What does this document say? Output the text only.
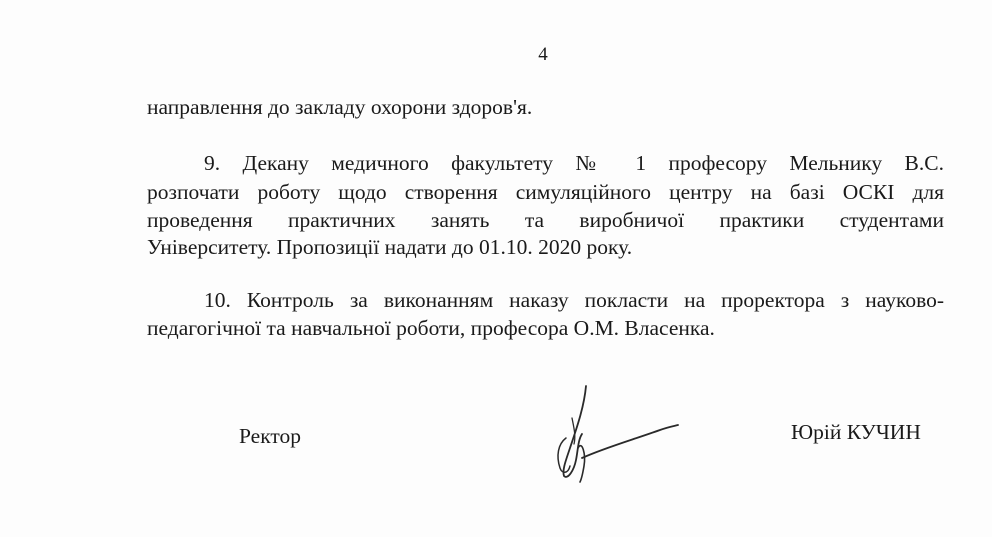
4
направлення до закладу охорони здоров'я.
9. Декану медичного факультету № 1 професору Мельнику В.С.
розпочати роботу щодо створення симуляційного центру на базі ОСКІ для
проведення практичних занять та виробничої практики студентами
Університету. Пропозиції надати до 01.10. 2020 року.
10. Контроль за виконанням наказу покласти на проректора з науково-
педагогічної та навчальної роботи, професора О.М. Власенка.
Ректор	Юрій КУЧИН
